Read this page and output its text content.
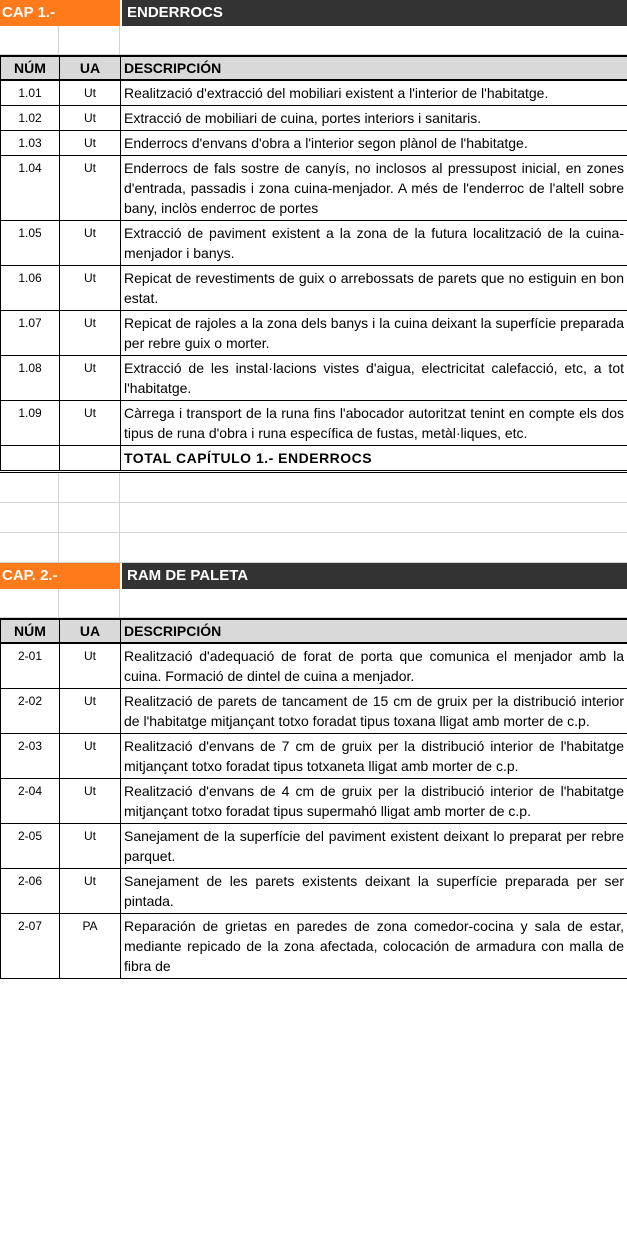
CAP 1.-	ENDERROCS
NÚM	UA	DESCRIPCIÓN
1.01	Ut	Realització d'extracció del mobiliari existent a l'interior de l'habitatge.
1.02	Ut	Extracció de mobiliari de cuina, portes interiors i sanitaris.
1.03	Ut	Enderrocs d'envans d'obra a l'interior segon plànol de l'habitatge.
1.04	Ut	Enderrocs de fals sostre de canyís, no inclosos al pressupost inicial, en zones d'entrada, passadis i zona cuina-menjador. A més de l'enderroc de l'altell sobre bany, inclòs enderroc de portes
1.05	Ut	Extracció de paviment existent a la zona de la futura localització de la cuina-menjador i banys.
1.06	Ut	Repicat de revestiments de guix o arrebossats de parets que no estiguin en bon estat.
1.07	Ut	Repicat de rajoles a la zona dels banys i la cuina deixant la superfície preparada per rebre guix o morter.
1.08	Ut	Extracció de les instal·lacions vistes d'aigua, electricitat calefacció, etc, a tot l'habitatge.
1.09	Ut	Càrrega i transport de la runa fins l'abocador autoritzat tenint en compte els dos tipus de runa d'obra i runa específica de fustas, metàl·liques, etc.
		TOTAL CAPÍTULO 1.- ENDERROCS
CAP. 2.-	RAM DE PALETA
NÚM	UA	DESCRIPCIÓN
2-01	Ut	Realització d'adequació de forat de porta que comunica el menjador amb la cuina. Formació de dintel de cuina a menjador.
2-02	Ut	Realització de parets de tancament de 15 cm de gruix per la distribució interior de l'habitatge mitjançant totxo foradat tipus toxana lligat amb morter de c.p.
2-03	Ut	Realització d'envans de 7 cm de gruix per la distribució interior de l'habitatge mitjançant totxo foradat tipus totxaneta lligat amb morter de c.p.
2-04	Ut	Realització d'envans de 4 cm de gruix per la distribució interior de l'habitatge mitjançant totxo foradat tipus supermahó lligat amb morter de c.p.
2-05	Ut	Sanejament de la superfície del paviment existent deixant lo preparat per rebre parquet.
2-06	Ut	Sanejament de les parets existents deixant la superfície preparada per ser pintada.
2-07	PA	Reparación de grietas en paredes de zona comedor-cocina y sala de estar, mediante repicado de la zona afectada, colocación de armadura con malla de fibra de
